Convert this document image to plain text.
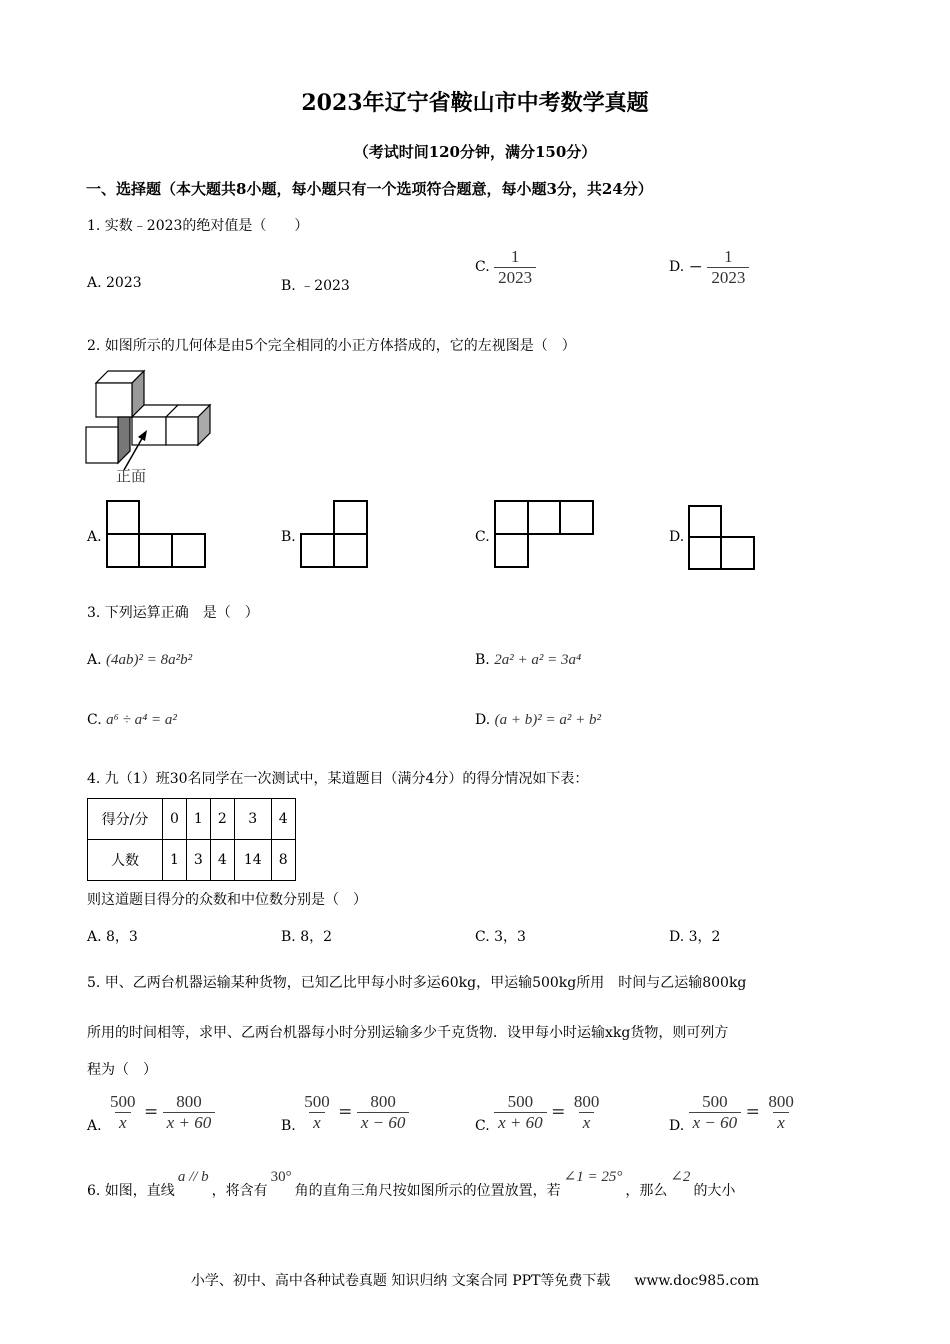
2023年辽宁省鞍山市中考数学真题
（考试时间120分钟，满分150分）
一、选择题（本大题共8小题，每小题只有一个选项符合题意，每小题3分，共24分）
1. 实数﹣2023的绝对值是（　　）
A. 2023	B. ﹣2023
C. $\frac{1}{2023}$	D. − $\frac{1}{2023}$
2. 如图所示的几何体是由5个完全相同的小正方体搭成的，它的左视图是（　）
正面
A.	B.	C.	D.
3. 下列运算正确　是（　）
A. (4ab)² = 8a²b²	B. 2a² + a² = 3a⁴
C. a⁶ ÷ a⁴ = a²	D. (a + b)² = a² + b²
4. 九（1）班30名同学在一次测试中，某道题目（满分4分）的得分情况如下表：
得分/分	0	1	2	3	4
人数	1	3	4	14	8
则这道题目得分的众数和中位数分别是（　）
A. 8，3	B. 8，2	C. 3，3	D. 3，2
5. 甲、乙两台机器运输某种货物，已知乙比甲每小时多运60kg，甲运输500kg所用　时间与乙运输800kg
所用的时间相等，求甲、乙两台机器每小时分别运输多少千克货物．设甲每小时运输xkg货物，则可列方
程为（　）
A. $\frac{500}{x} = \frac{800}{x + 60}$	B. $\frac{500}{x} = \frac{800}{x - 60}$	C. $\frac{500}{x + 60} = \frac{800}{x}$	D. $\frac{500}{x - 60} = \frac{800}{x}$
6. 如图，直线a // b，将含有30°角的直角三角尺按如图所示的位置放置，若∠1 = 25°，那么∠2的大小
小学、初中、高中各种试卷真题 知识归纳 文案合同 PPT等免费下载 www.doc985.com
